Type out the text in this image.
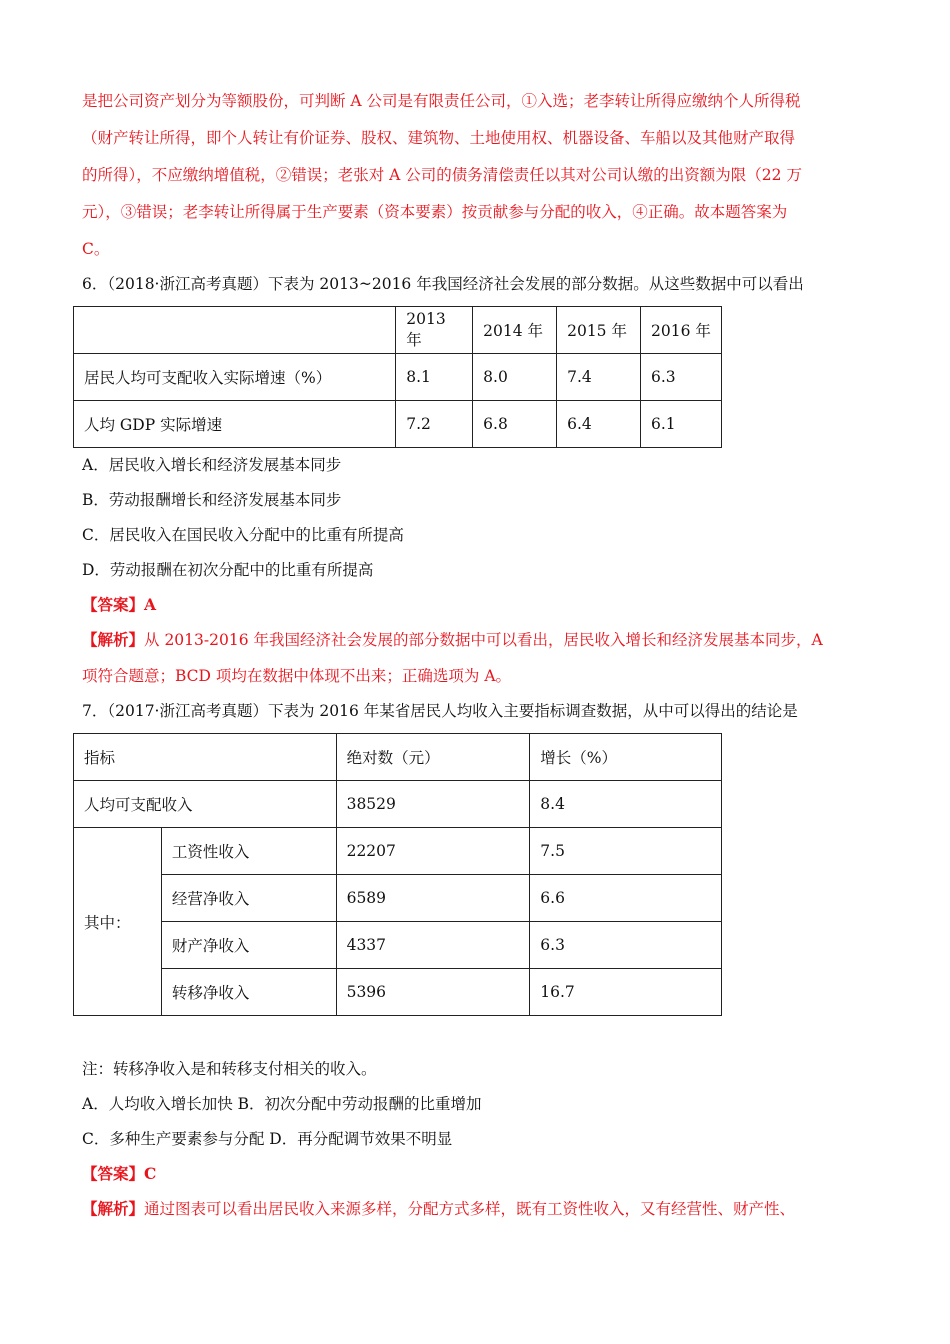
是把公司资产划分为等额股份，可判断 A 公司是有限责任公司，①入选；老李转让所得应缴纳个人所得税
（财产转让所得，即个人转让有价证券、股权、建筑物、土地使用权、机器设备、车船以及其他财产取得
的所得），不应缴纳增值税，②错误；老张对 A 公司的债务清偿责任以其对公司认缴的出资额为限（22 万
元），③错误；老李转让所得属于生产要素（资本要素）按贡献参与分配的收入，④正确。故本题答案为
C。
6．（2018·浙江高考真题）下表为 2013~2016 年我国经济社会发展的部分数据。从这些数据中可以看出
	2013 年	2014 年	2015 年	2016 年
居民人均可支配收入实际增速（%）	8.1	8.0	7.4	6.3
人均 GDP 实际增速	7.2	6.8	6.4	6.1
A．居民收入增长和经济发展基本同步
B．劳动报酬增长和经济发展基本同步
C．居民收入在国民收入分配中的比重有所提高
D．劳动报酬在初次分配中的比重有所提高
【答案】A
【解析】从 2013-2016 年我国经济社会发展的部分数据中可以看出，居民收入增长和经济发展基本同步，A
项符合题意；BCD 项均在数据中体现不出来；正确选项为 A。
7．（2017·浙江高考真题）下表为 2016 年某省居民人均收入主要指标调查数据，从中可以得出的结论是
指标		绝对数（元）	增长（%）
人均可支配收入		38529	8.4
其中：	工资性收入	22207	7.5
	经营净收入	6589	6.6
	财产净收入	4337	6.3
	转移净收入	5396	16.7
注：转移净收入是和转移支付相关的收入。
A．人均收入增长加快 B．初次分配中劳动报酬的比重增加
C．多种生产要素参与分配 D．再分配调节效果不明显
【答案】C
【解析】通过图表可以看出居民收入来源多样，分配方式多样，既有工资性收入，又有经营性、财产性、
